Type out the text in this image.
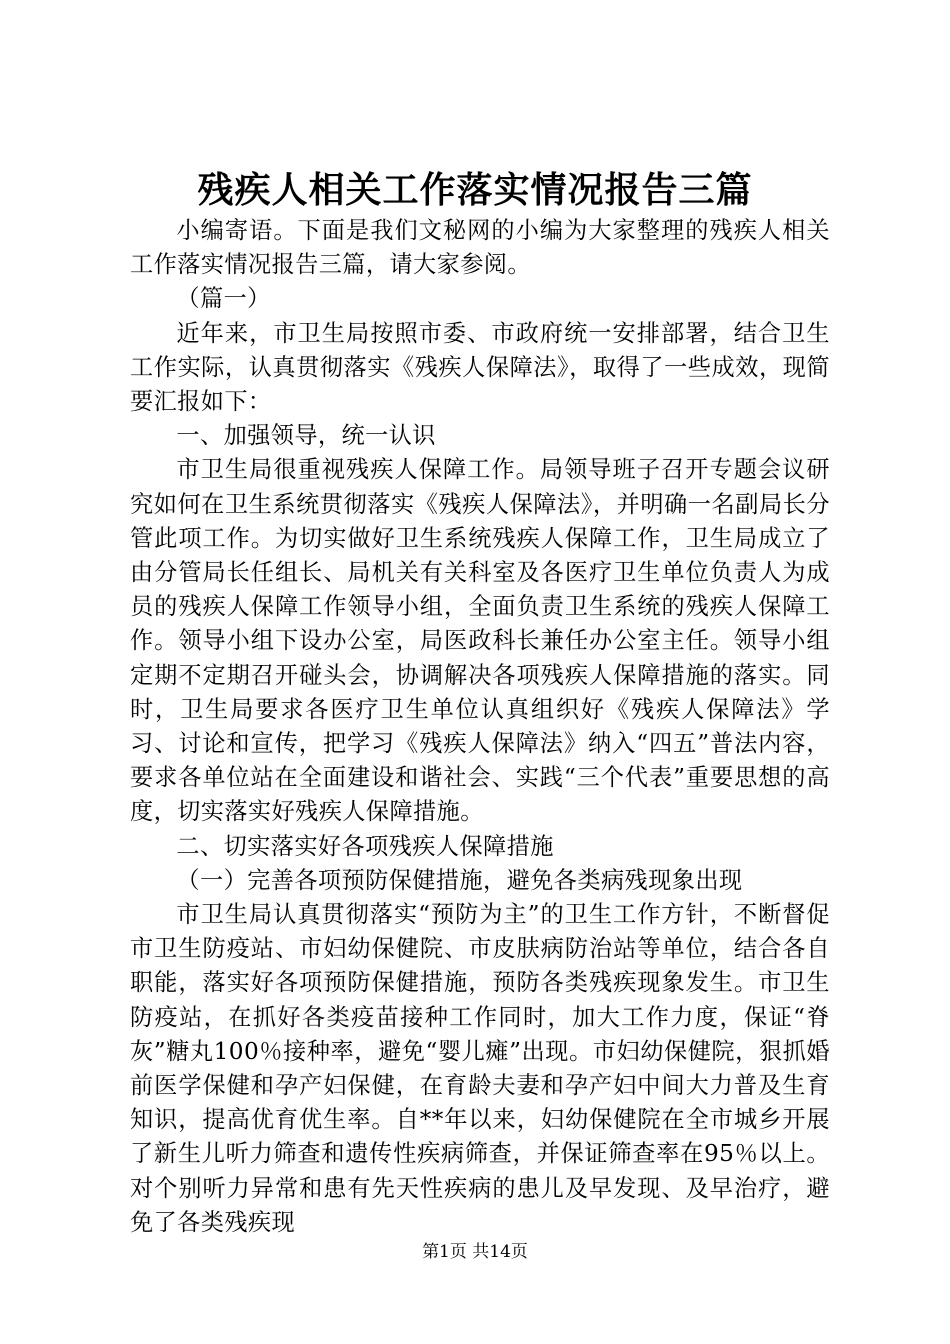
残疾人相关工作落实情况报告三篇

小编寄语。下面是我们文秘网的小编为大家整理的残疾人相关工作落实情况报告三篇，请大家参阅。

（篇一）

近年来，市卫生局按照市委、市政府统一安排部署，结合卫生工作实际，认真贯彻落实《残疾人保障法》，取得了一些成效，现简要汇报如下：

一、加强领导，统一认识

市卫生局很重视残疾人保障工作。局领导班子召开专题会议研究如何在卫生系统贯彻落实《残疾人保障法》，并明确一名副局长分管此项工作。为切实做好卫生系统残疾人保障工作，卫生局成立了由分管局长任组长、局机关有关科室及各医疗卫生单位负责人为成员的残疾人保障工作领导小组，全面负责卫生系统的残疾人保障工作。领导小组下设办公室，局医政科长兼任办公室主任。领导小组定期不定期召开碰头会，协调解决各项残疾人保障措施的落实。同时，卫生局要求各医疗卫生单位认真组织好《残疾人保障法》学习、讨论和宣传，把学习《残疾人保障法》纳入“四五”普法内容，要求各单位站在全面建设和谐社会、实践“三个代表”重要思想的高度，切实落实好残疾人保障措施。

二、切实落实好各项残疾人保障措施

（一）完善各项预防保健措施，避免各类病残现象出现

市卫生局认真贯彻落实“预防为主”的卫生工作方针，不断督促市卫生防疫站、市妇幼保健院、市皮肤病防治站等单位，结合各自职能，落实好各项预防保健措施，预防各类残疾现象发生。市卫生防疫站，在抓好各类疫苗接种工作同时，加大工作力度，保证“脊灰”糖丸100％接种率，避免“婴儿瘫”出现。市妇幼保健院，狠抓婚前医学保健和孕产妇保健，在育龄夫妻和孕产妇中间大力普及生育知识，提高优育优生率。自**年以来，妇幼保健院在全市城乡开展了新生儿听力筛查和遗传性疾病筛查，并保证筛查率在95％以上。对个别听力异常和患有先天性疾病的患儿及早发现、及早治疗，避免了各类残疾现

第1页 共14页
